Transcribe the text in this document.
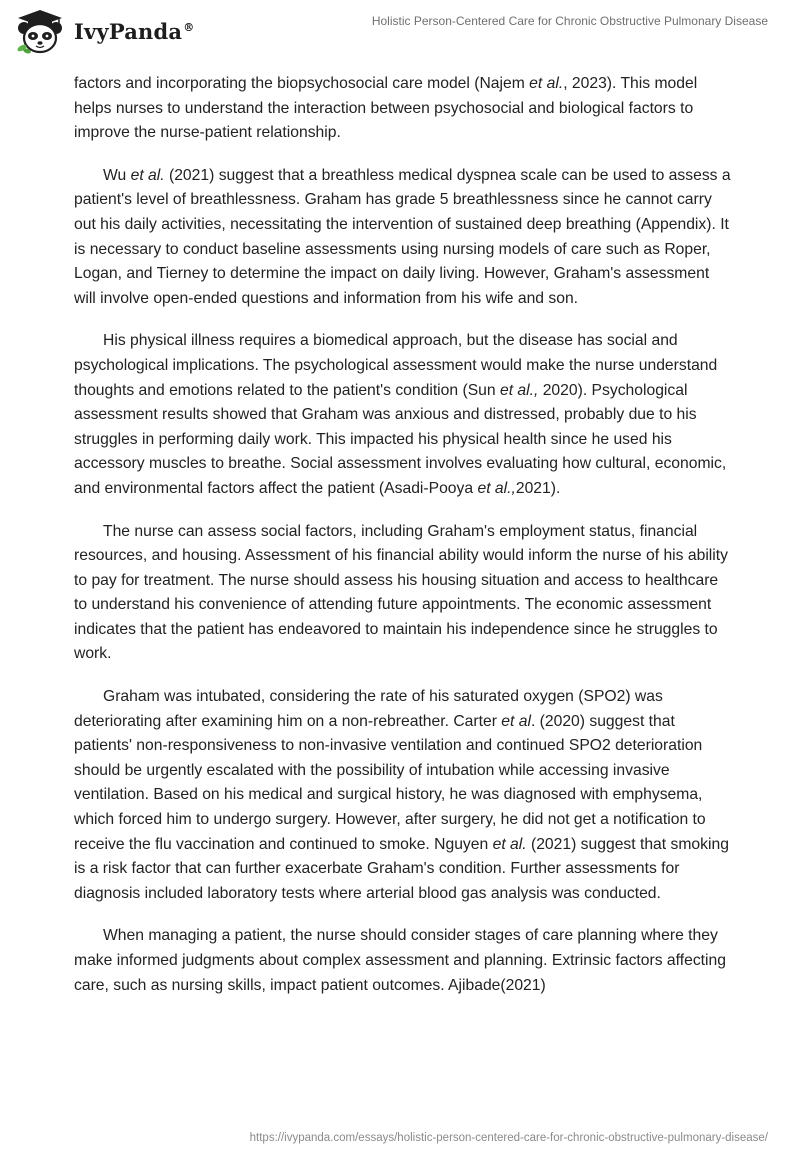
IvyPanda®	Holistic Person-Centered Care for Chronic Obstructive Pulmonary Disease

factors and incorporating the biopsychosocial care model (Najem et al., 2023). This model helps nurses to understand the interaction between psychosocial and biological factors to improve the nurse-patient relationship.

Wu et al. (2021) suggest that a breathless medical dyspnea scale can be used to assess a patient's level of breathlessness. Graham has grade 5 breathlessness since he cannot carry out his daily activities, necessitating the intervention of sustained deep breathing (Appendix). It is necessary to conduct baseline assessments using nursing models of care such as Roper, Logan, and Tierney to determine the impact on daily living. However, Graham's assessment will involve open-ended questions and information from his wife and son.

His physical illness requires a biomedical approach, but the disease has social and psychological implications. The psychological assessment would make the nurse understand thoughts and emotions related to the patient's condition (Sun et al., 2020). Psychological assessment results showed that Graham was anxious and distressed, probably due to his struggles in performing daily work. This impacted his physical health since he used his accessory muscles to breathe. Social assessment involves evaluating how cultural, economic, and environmental factors affect the patient (Asadi-Pooya et al.,2021).

The nurse can assess social factors, including Graham's employment status, financial resources, and housing. Assessment of his financial ability would inform the nurse of his ability to pay for treatment. The nurse should assess his housing situation and access to healthcare to understand his convenience of attending future appointments. The economic assessment indicates that the patient has endeavored to maintain his independence since he struggles to work.

Graham was intubated, considering the rate of his saturated oxygen (SPO2) was deteriorating after examining him on a non-rebreather. Carter et al. (2020) suggest that patients' non-responsiveness to non-invasive ventilation and continued SPO2 deterioration should be urgently escalated with the possibility of intubation while accessing invasive ventilation. Based on his medical and surgical history, he was diagnosed with emphysema, which forced him to undergo surgery. However, after surgery, he did not get a notification to receive the flu vaccination and continued to smoke. Nguyen et al. (2021) suggest that smoking is a risk factor that can further exacerbate Graham's condition. Further assessments for diagnosis included laboratory tests where arterial blood gas analysis was conducted.

When managing a patient, the nurse should consider stages of care planning where they make informed judgments about complex assessment and planning. Extrinsic factors affecting care, such as nursing skills, impact patient outcomes. Ajibade(2021)

https://ivypanda.com/essays/holistic-person-centered-care-for-chronic-obstructive-pulmonary-disease/
